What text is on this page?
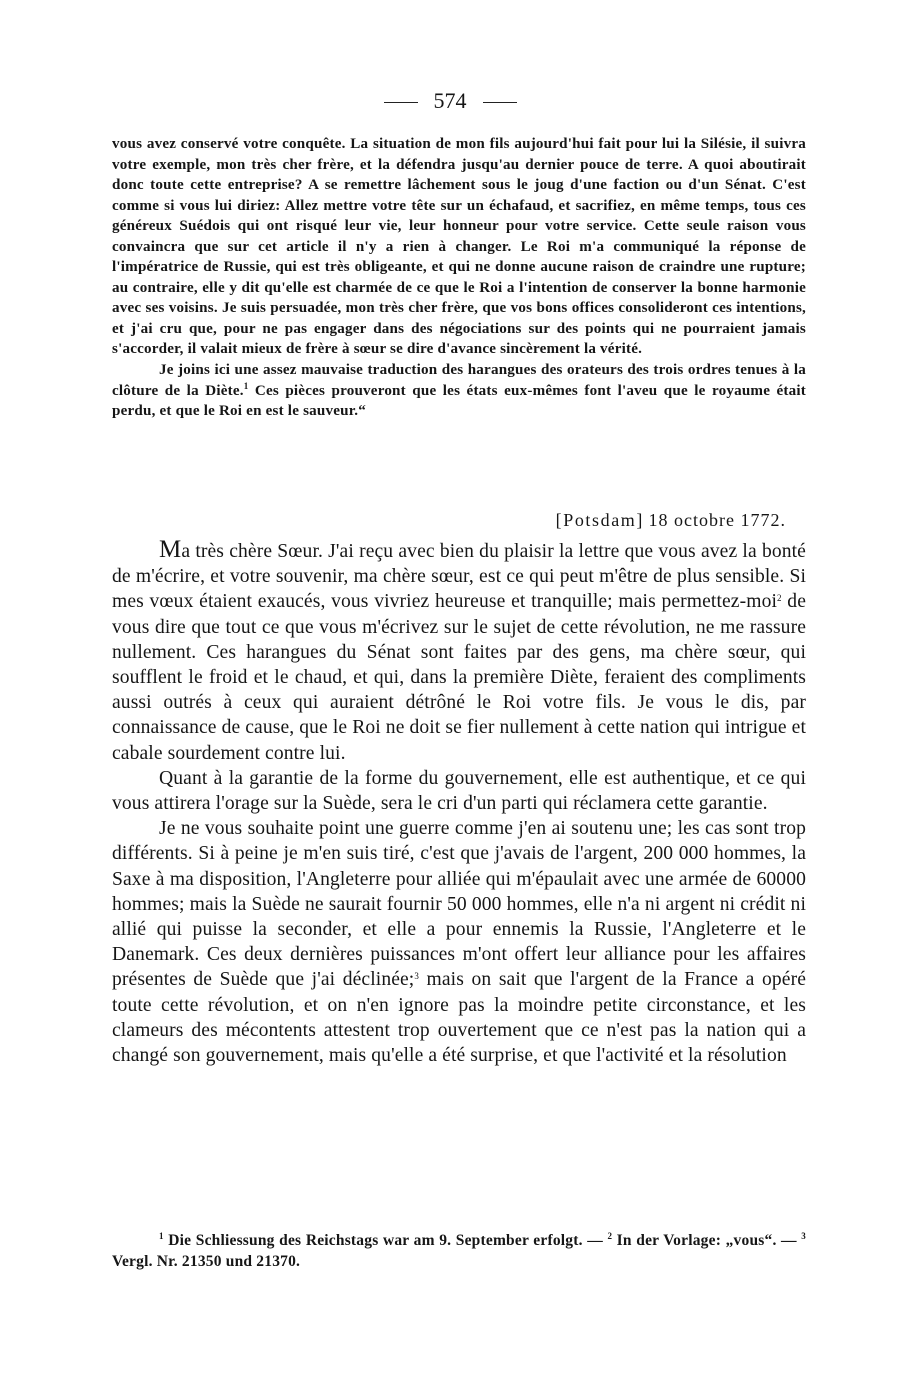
574

vous avez conservé votre conquête. La situation de mon fils aujourd'hui fait pour lui la Silésie, il suivra votre exemple, mon très cher frère, et la défendra jusqu'au dernier pouce de terre. A quoi aboutirait donc toute cette entreprise? A se remettre lâchement sous le joug d'une faction ou d'un Sénat. C'est comme si vous lui diriez: Allez mettre votre tête sur un échafaud, et sacrifiez, en même temps, tous ces généreux Suédois qui ont risqué leur vie, leur honneur pour votre service. Cette seule raison vous convaincra que sur cet article il n'y a rien à changer. Le Roi m'a communiqué la réponse de l'impératrice de Russie, qui est très obligeante, et qui ne donne aucune raison de craindre une rupture; au contraire, elle y dit qu'elle est charmée de ce que le Roi a l'intention de conserver la bonne harmonie avec ses voisins. Je suis persuadée, mon très cher frère, que vos bons offices consolideront ces intentions, et j'ai cru que, pour ne pas engager dans des négociations sur des points qui ne pourraient jamais s'accorder, il valait mieux de frère à sœur se dire d'avance sincèrement la vérité.

Je joins ici une assez mauvaise traduction des harangues des orateurs des trois ordres tenues à la clôture de la Diète.$^1$ Ces pièces prouveront que les états eux-mêmes font l'aveu que le royaume était perdu, et que le Roi en est le sauveur.“

[Potsdam] 18 octobre 1772.

Ma très chère Sœur. J'ai reçu avec bien du plaisir la lettre que vous avez la bonté de m'écrire, et votre souvenir, ma chère sœur, est ce qui peut m'être de plus sensible. Si mes vœux étaient exaucés, vous vivriez heureuse et tranquille; mais permettez-moi$^2$ de vous dire que tout ce que vous m'écrivez sur le sujet de cette révolution, ne me rassure nullement. Ces harangues du Sénat sont faites par des gens, ma chère sœur, qui soufflent le froid et le chaud, et qui, dans la première Diète, feraient des compliments aussi outrés à ceux qui auraient détrôné le Roi votre fils. Je vous le dis, par connaissance de cause, que le Roi ne doit se fier nullement à cette nation qui intrigue et cabale sourdement contre lui.

Quant à la garantie de la forme du gouvernement, elle est authentique, et ce qui vous attirera l'orage sur la Suède, sera le cri d'un parti qui réclamera cette garantie.

Je ne vous souhaite point une guerre comme j'en ai soutenu une; les cas sont trop différents. Si à peine je m'en suis tiré, c'est que j'avais de l'argent, 200 000 hommes, la Saxe à ma disposition, l'Angleterre pour alliée qui m'épaulait avec une armée de 60000 hommes; mais la Suède ne saurait fournir 50 000 hommes, elle n'a ni argent ni crédit ni allié qui puisse la seconder, et elle a pour ennemis la Russie, l'Angleterre et le Danemark. Ces deux dernières puissances m'ont offert leur alliance pour les affaires présentes de Suède que j'ai déclinée;$^3$ mais on sait que l'argent de la France a opéré toute cette révolution, et on n'en ignore pas la moindre petite circonstance, et les clameurs des mécontents attestent trop ouvertement que ce n'est pas la nation qui a changé son gouvernement, mais qu'elle a été surprise, et que l'activité et la résolution

$^1$ Die Schliessung des Reichstags war am 9. September erfolgt. — $^2$ In der Vorlage: „vous“. — $^3$ Vergl. Nr. 21350 und 21370.
